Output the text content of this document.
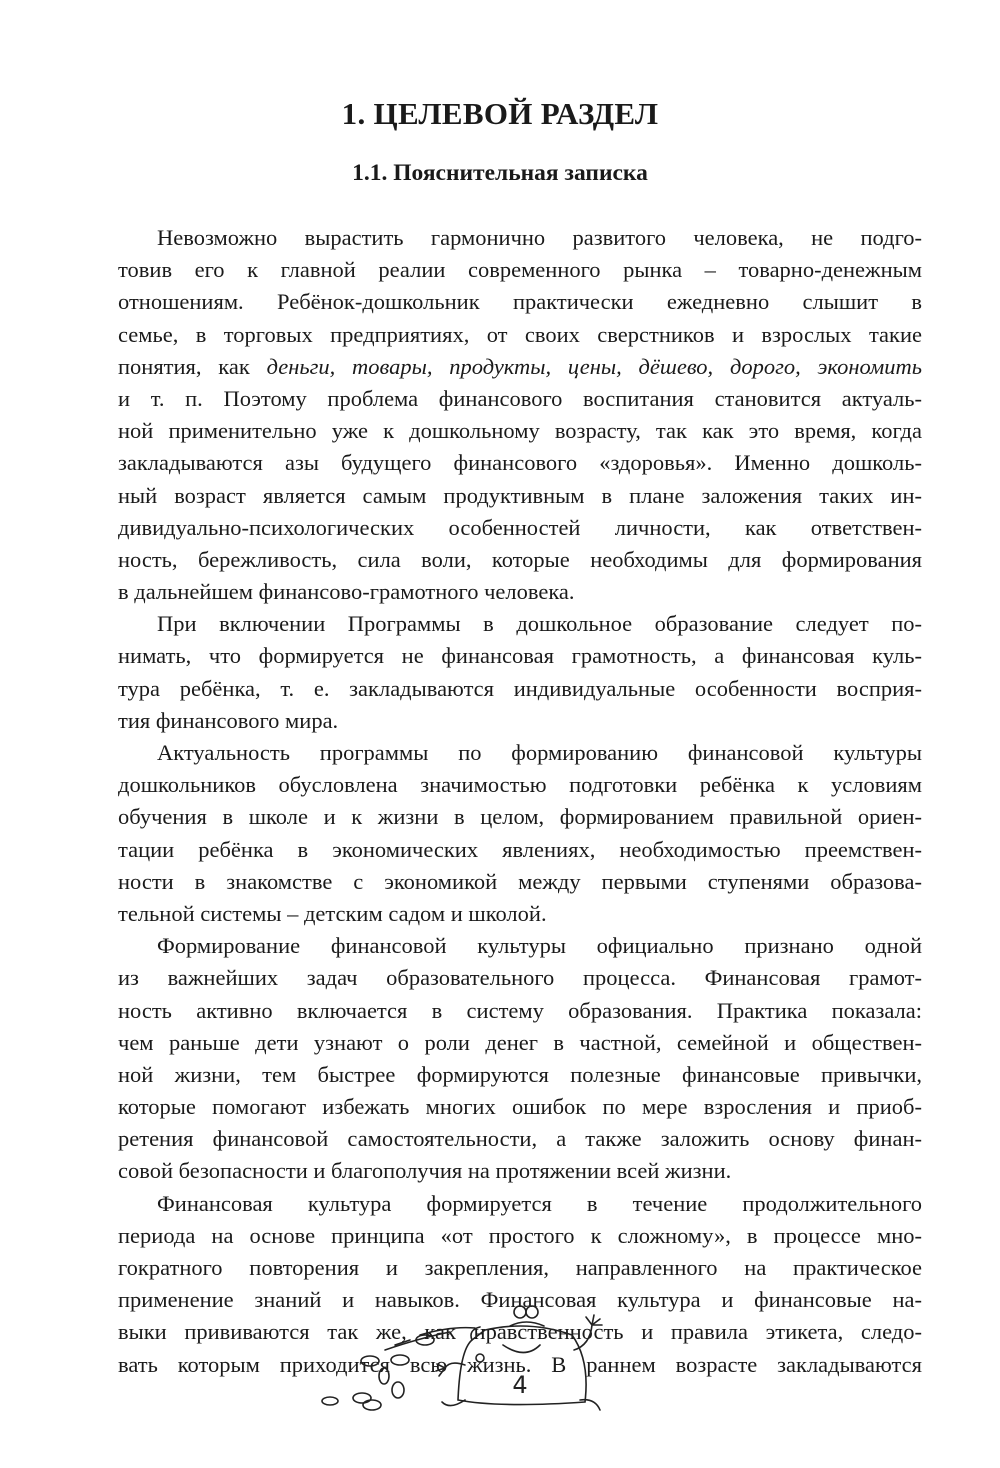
1. ЦЕЛЕВОЙ РАЗДЕЛ
1.1. Пояснительная записка
Невозможно вырастить гармонично развитого человека, не подго-
товив его к главной реалии современного рынка – товарно-денежным
отношениям. Ребёнок-дошкольник практически ежедневно слышит в
семье, в торговых предприятиях, от своих сверстников и взрослых такие
понятия, как деньги, товары, продукты, цены, дёшево, дорого, экономить
и т. п. Поэтому проблема финансового воспитания становится актуаль-
ной применительно уже к дошкольному возрасту, так как это время, когда
закладываются азы будущего финансового «здоровья». Именно дошколь-
ный возраст является самым продуктивным в плане заложения таких ин-
дивидуально-психологических особенностей личности, как ответствен-
ность, бережливость, сила воли, которые необходимы для формирования
в дальнейшем финансово-грамотного человека.
При включении Программы в дошкольное образование следует по-
нимать, что формируется не финансовая грамотность, а финансовая куль-
тура ребёнка, т. е. закладываются индивидуальные особенности восприя-
тия финансового мира.
Актуальность программы по формированию финансовой культуры
дошкольников обусловлена значимостью подготовки ребёнка к условиям
обучения в школе и к жизни в целом, формированием правильной ориен-
тации ребёнка в экономических явлениях, необходимостью преемствен-
ности в знакомстве с экономикой между первыми ступенями образова-
тельной системы – детским садом и школой.
Формирование финансовой культуры официально признано одной
из важнейших задач образовательного процесса. Финансовая грамот-
ность активно включается в систему образования. Практика показала:
чем раньше дети узнают о роли денег в частной, семейной и обществен-
ной жизни, тем быстрее формируются полезные финансовые привычки,
которые помогают избежать многих ошибок по мере взросления и приоб-
ретения финансовой самостоятельности, а также заложить основу финан-
совой безопасности и благополучия на протяжении всей жизни.
Финансовая культура формируется в течение продолжительного
периода на основе принципа «от простого к сложному», в процессе мно-
гократного повторения и закрепления, направленного на практическое
применение знаний и навыков. Финансовая культура и финансовые на-
выки прививаются так же, как нравственность и правила этикета, следо-
вать которым приходится всю жизнь. В раннем возрасте закладываются
4
